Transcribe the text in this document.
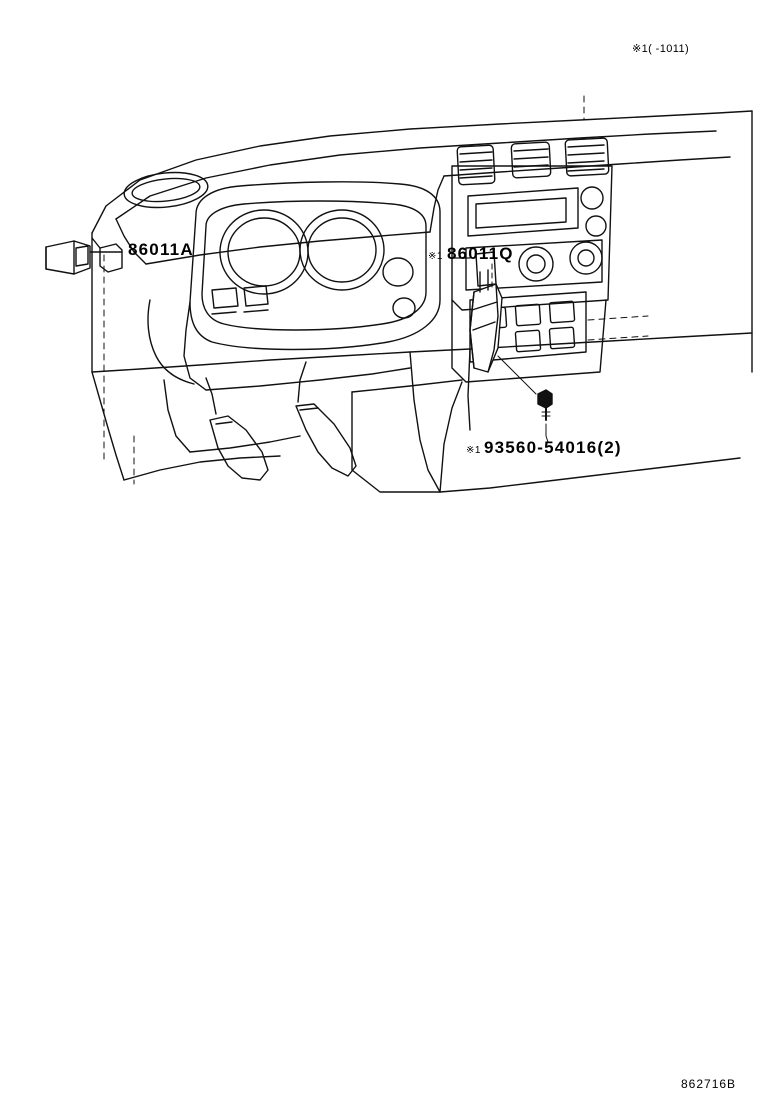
86011A	※1 86011Q
※1 93560-54016(2)
※1( ‑1011)
862716B
